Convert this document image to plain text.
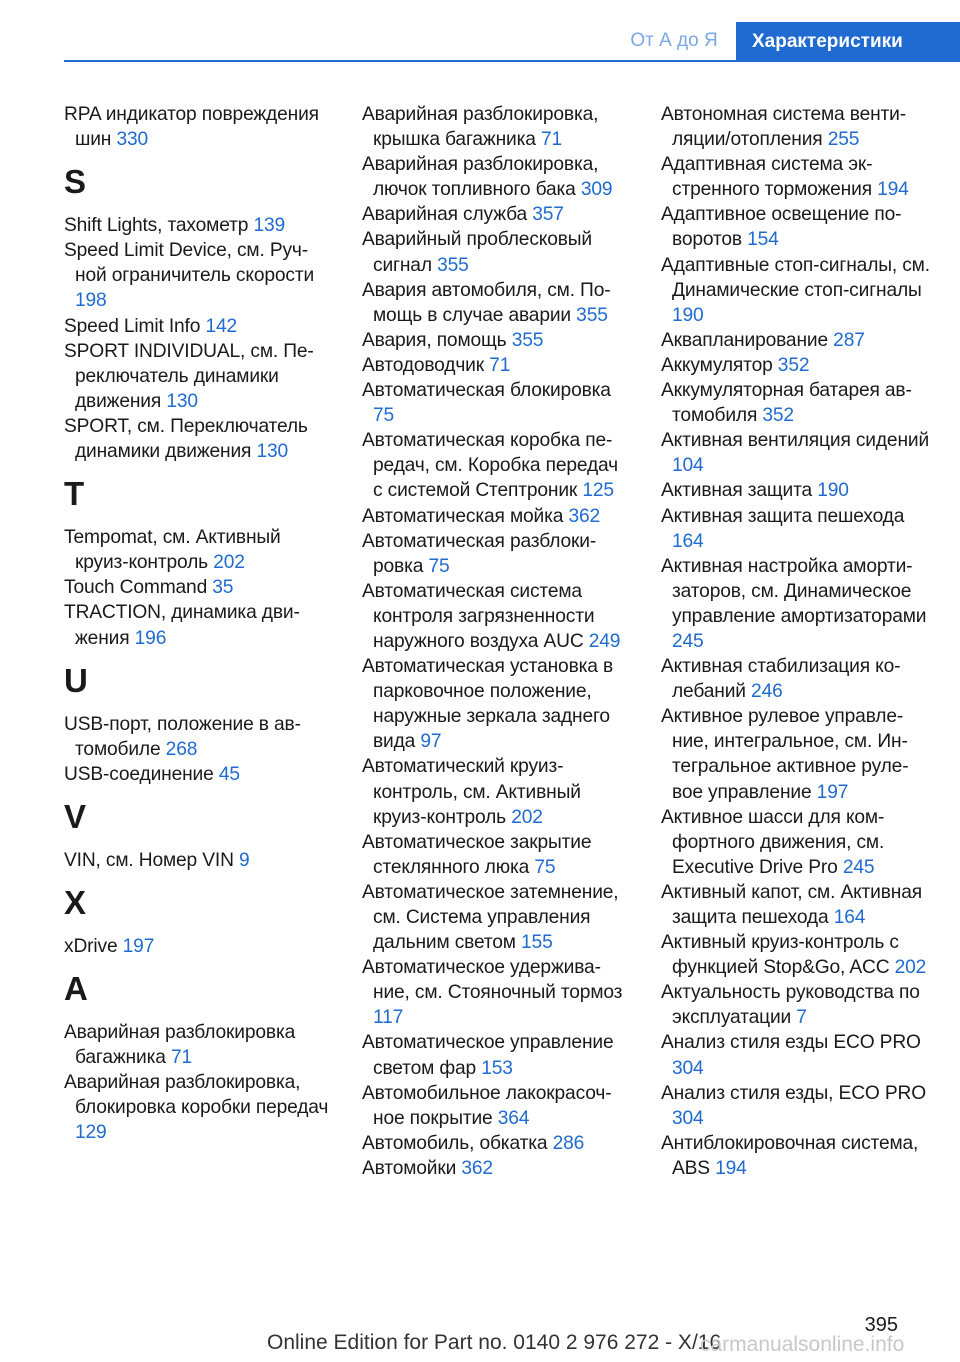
От А до Я	Характеристики
RPA индикатор повреждения шин 330
S
Shift Lights, тахометр 139
Speed Limit Device, см. Ручной ограничитель скорости 198
Speed Limit Info 142
SPORT INDIVIDUAL, см. Переключатель динамики движения 130
SPORT, см. Переключатель динамики движения 130
T
Tempomat, см. Активный круиз-контроль 202
Touch Command 35
TRACTION, динамика движения 196
U
USB-порт, положение в автомобиле 268
USB-соединение 45
V
VIN, см. Номер VIN 9
X
xDrive 197
А
Аварийная разблокировка багажника 71
Аварийная разблокировка, блокировка коробки передач 129
Аварийная разблокировка, крышка багажника 71
Аварийная разблокировка, лючок топливного бака 309
Аварийная служба 357
Аварийный проблесковый сигнал 355
Авария автомобиля, см. Помощь в случае аварии 355
Авария, помощь 355
Автодоводчик 71
Автоматическая блокировка 75
Автоматическая коробка передач, см. Коробка передач с системой Стептроник 125
Автоматическая мойка 362
Автоматическая разблокировка 75
Автоматическая система контроля загрязненности наружного воздуха AUC 249
Автоматическая установка в парковочное положение, наружные зеркала заднего вида 97
Автоматический круиз-контроль, см. Активный круиз-контроль 202
Автоматическое закрытие стеклянного люка 75
Автоматическое затемнение, см. Система управления дальним светом 155
Автоматическое удерживание, см. Стояночный тормоз 117
Автоматическое управление светом фар 153
Автомобильное лакокрасочное покрытие 364
Автомобиль, обкатка 286
Автомойки 362
Автономная система вентиляции/отопления 255
Адаптивная система экстренного торможения 194
Адаптивное освещение поворотов 154
Адаптивные стоп-сигналы, см. Динамические стоп-сигналы 190
Аквапланирование 287
Аккумулятор 352
Аккумуляторная батарея автомобиля 352
Активная вентиляция сидений 104
Активная защита 190
Активная защита пешехода 164
Активная настройка амортизаторов, см. Динамическое управление амортизаторами 245
Активная стабилизация колебаний 246
Активное рулевое управление, интегральное, см. Интегральное активное рулевое управление 197
Активное шасси для комфортного движения, см. Executive Drive Pro 245
Активный капот, см. Активная защита пешехода 164
Активный круиз-контроль с функцией Stop&Go, ACC 202
Актуальность руководства по эксплуатации 7
Анализ стиля езды ECO PRO 304
Анализ стиля езды, ECO PRO 304
Антиблокировочная система, ABS 194
395
Online Edition for Part no. 0140 2 976 272 - X/16
carmanualsonline.info
